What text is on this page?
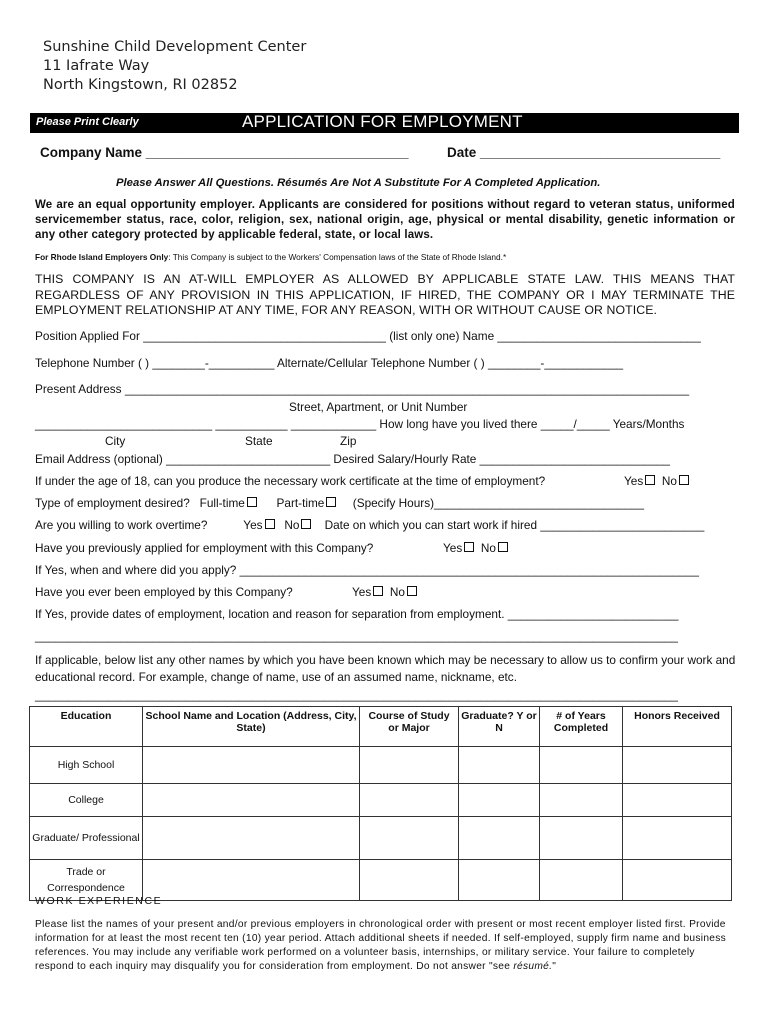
Sunshine Child Development Center
11 Iafrate Way
North Kingstown, RI 02852
Please Print Clearly	APPLICATION FOR EMPLOYMENT
Company Name ___________________________________	Date ________________________________
Please Answer All Questions. Résumés Are Not A Substitute For A Completed Application.
We are an equal opportunity employer. Applicants are considered for positions without regard to veteran status, uniformed servicemember status, race, color, religion, sex, national origin, age, physical or mental disability, genetic information or any other category protected by applicable federal, state, or local laws.
For Rhode Island Employers Only: This Company is subject to the Workers' Compensation laws of the State of Rhode Island.*
THIS COMPANY IS AN AT-WILL EMPLOYER AS ALLOWED BY APPLICABLE STATE LAW. THIS MEANS THAT REGARDLESS OF ANY PROVISION IN THIS APPLICATION, IF HIRED, THE COMPANY OR I MAY TERMINATE THE EMPLOYMENT RELATIONSHIP AT ANY TIME, FOR ANY REASON, WITH OR WITHOUT CAUSE OR NOTICE.
Position Applied For _____________________________________ (list only one) Name _______________________________
Telephone Number ( ) ________-__________ Alternate/Cellular Telephone Number ( ) ________-____________
Present Address ______________________________________________________________________________________
Street, Apartment, or Unit Number
___________________________ ___________ _____________ How long have you lived there _____/_____ Years/Months
City	State	Zip
Email Address (optional) _________________________ Desired Salary/Hourly Rate _____________________________
If under the age of 18, can you produce the necessary work certificate at the time of employment?	Yes No
Type of employment desired? Full-time	Part-time (Specify Hours)________________________________
Are you willing to work overtime?	Yes No Date on which you can start work if hired _________________________
Have you previously applied for employment with this Company?	Yes No
If Yes, when and where did you apply? ______________________________________________________________________
Have you ever been employed by this Company?	Yes No
If Yes, provide dates of employment, location and reason for separation from employment. __________________________
__________________________________________________________________________________________________
If applicable, below list any other names by which you have been known which may be necessary to allow us to confirm your work and educational record. For example, change of name, use of an assumed name, nickname, etc.
__________________________________________________________________________________________________
Education	School Name and Location (Address, City, State)	Course of Study or Major	Graduate? Y or N	# of Years Completed	Honors Received
High School					
College					
Graduate/ Professional					
Trade or Correspondence					
WORK EXPERIENCE
Please list the names of your present and/or previous employers in chronological order with present or most recent employer listed first. Provide information for at least the most recent ten (10) year period. Attach additional sheets if needed. If self-employed, supply firm name and business references. You may include any verifiable work performed on a volunteer basis, internships, or military service. Your failure to completely respond to each inquiry may disqualify you for consideration from employment. Do not answer "see résumé."
